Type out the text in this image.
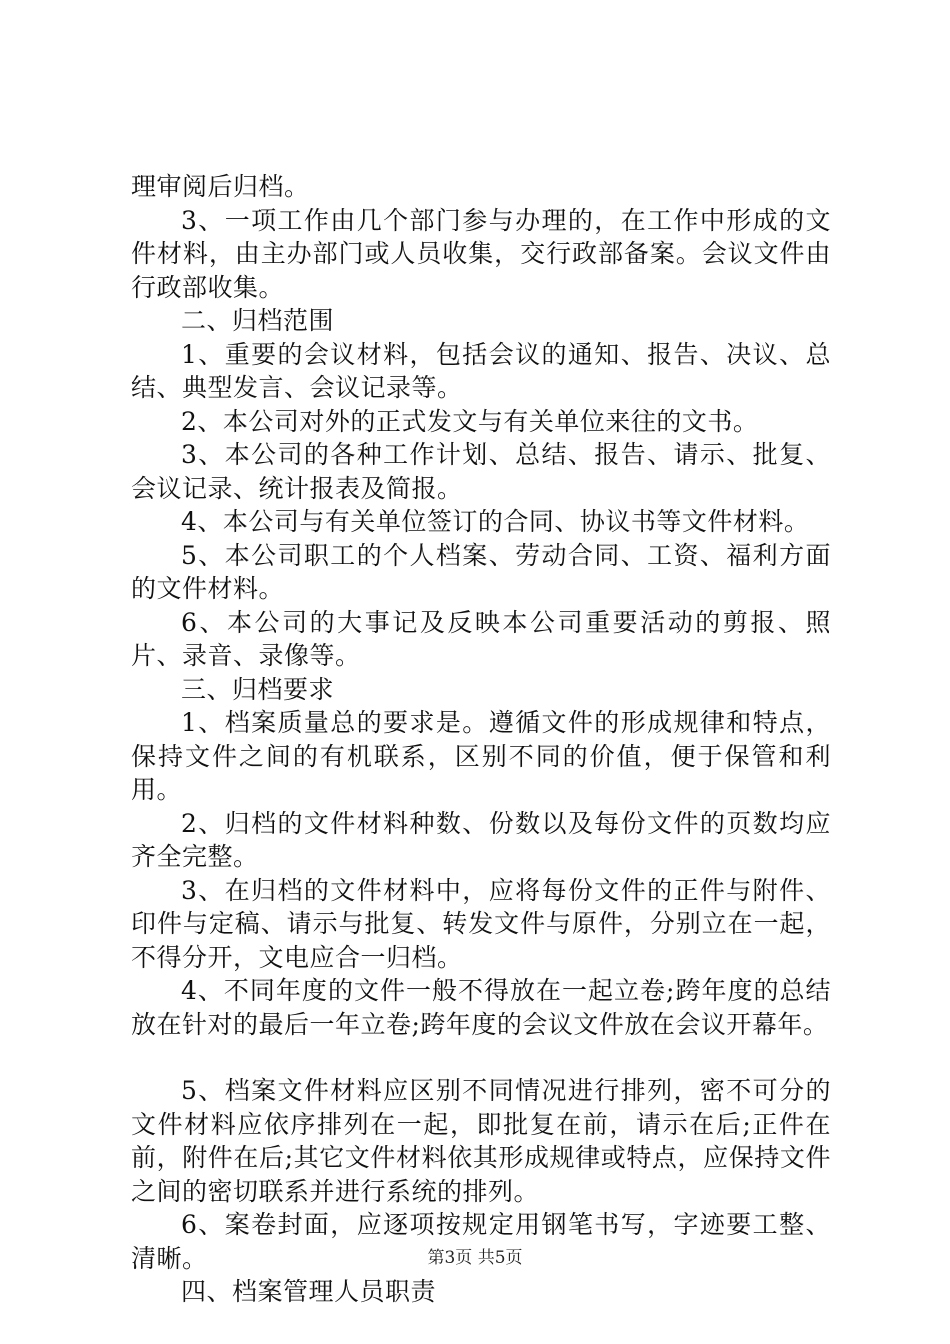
理审阅后归档。

3、一项工作由几个部门参与办理的，在工作中形成的文件材料，由主办部门或人员收集，交行政部备案。会议文件由行政部收集。

二、归档范围

1、重要的会议材料，包括会议的通知、报告、决议、总结、典型发言、会议记录等。

2、本公司对外的正式发文与有关单位来往的文书。

3、本公司的各种工作计划、总结、报告、请示、批复、会议记录、统计报表及简报。

4、本公司与有关单位签订的合同、协议书等文件材料。

5、本公司职工的个人档案、劳动合同、工资、福利方面的文件材料。

6、本公司的大事记及反映本公司重要活动的剪报、照片、录音、录像等。

三、归档要求

1、档案质量总的要求是。遵循文件的形成规律和特点，保持文件之间的有机联系，区别不同的价值，便于保管和利用。

2、归档的文件材料种数、份数以及每份文件的页数均应齐全完整。

3、在归档的文件材料中，应将每份文件的正件与附件、印件与定稿、请示与批复、转发文件与原件，分别立在一起，不得分开，文电应合一归档。

4、不同年度的文件一般不得放在一起立卷;跨年度的总结放在针对的最后一年立卷;跨年度的会议文件放在会议开幕年。

5、档案文件材料应区别不同情况进行排列，密不可分的文件材料应依序排列在一起，即批复在前，请示在后;正件在前，附件在后;其它文件材料依其形成规律或特点，应保持文件之间的密切联系并进行系统的排列。

6、案卷封面，应逐项按规定用钢笔书写，字迹要工整、清晰。

四、档案管理人员职责

第3页 共5页
